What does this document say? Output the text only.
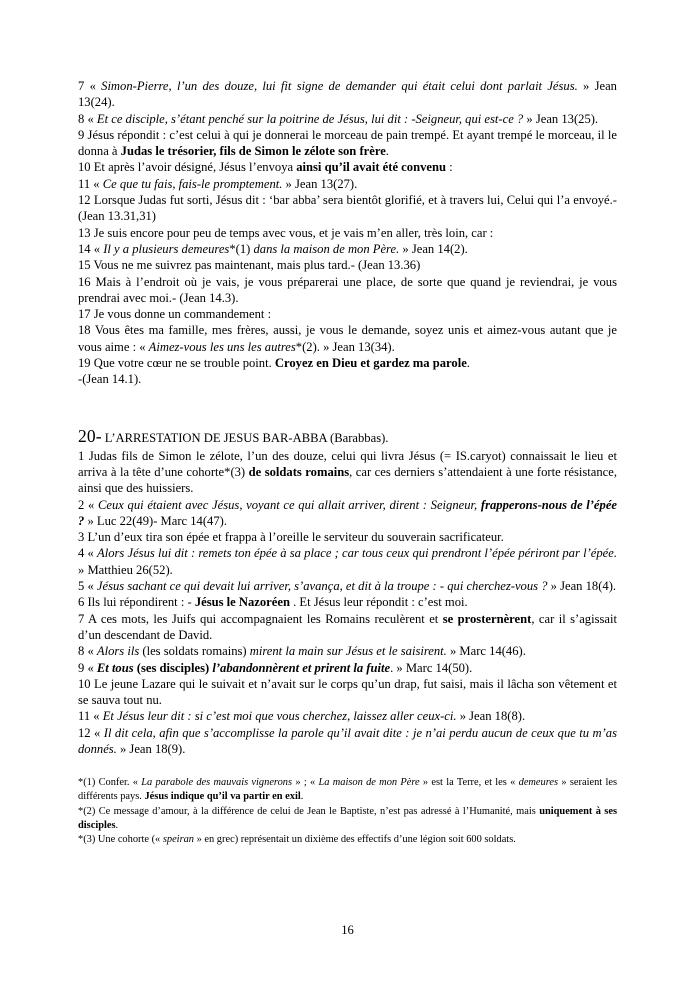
7 « Simon-Pierre, l’un des douze, lui fit signe de demander qui était celui dont parlait Jésus. » Jean 13(24).

8 « Et ce disciple, s’étant penché sur la poitrine de Jésus, lui dit : -Seigneur, qui est-ce ? » Jean 13(25).

9 Jésus répondit : c’est celui à qui je donnerai le morceau de pain trempé. Et ayant trempé le morceau, il le donna à Judas le trésorier, fils de Simon le zélote son frère.

10 Et après l’avoir désigné, Jésus l’envoya ainsi qu’il avait été convenu :

11 « Ce que tu fais, fais-le promptement. » Jean 13(27).

12 Lorsque Judas fut sorti, Jésus dit : ‘bar abba’ sera bientôt glorifié, et à travers lui, Celui qui l’a envoyé.- (Jean 13.31,31)

13 Je suis encore pour peu de temps avec vous, et je vais m’en aller, très loin, car :

14 « Il y a plusieurs demeures*(1) dans la maison de mon Père. » Jean 14(2).

15 Vous ne me suivrez pas maintenant, mais plus tard.- (Jean 13.36)

16 Mais à l’endroit où je vais, je vous préparerai une place, de sorte que quand je reviendrai, je vous prendrai avec moi.- (Jean 14.3).

17 Je vous donne un commandement :

18 Vous êtes ma famille, mes frères, aussi, je vous le demande, soyez unis et aimez-vous autant que je vous aime : « Aimez-vous les uns les autres*(2). » Jean 13(34).

19 Que votre cœur ne se trouble point. Croyez en Dieu et gardez ma parole.

-(Jean 14.1).

20- L’ARRESTATION DE JESUS BAR-ABBA (Barabbas).

1 Judas fils de Simon le zélote, l’un des douze, celui qui livra Jésus (= IS.caryot) connaissait le lieu et arriva à la tête d’une cohorte*(3) de soldats romains, car ces derniers s’attendaient à une forte résistance, ainsi que des huissiers.

2 « Ceux qui étaient avec Jésus, voyant ce qui allait arriver, dirent : Seigneur, frapperons-nous de l’épée ? » Luc 22(49)- Marc 14(47).

3 L’un d’eux tira son épée et frappa à l’oreille le serviteur du souverain sacrificateur.

4 « Alors Jésus lui dit : remets ton épée à sa place ; car tous ceux qui prendront l’épée périront par l’épée. » Matthieu 26(52).

5 « Jésus sachant ce qui devait lui arriver, s’avança, et dit à la troupe : - qui cherchez-vous ? » Jean 18(4).

6 Ils lui répondirent : - Jésus le Nazoréen . Et Jésus leur répondit : c’est moi.

7 A ces mots, les Juifs qui accompagnaient les Romains reculèrent et se prosternèrent, car il s’agissait d’un descendant de David.

8 « Alors ils (les soldats romains) mirent la main sur Jésus et le saisirent. » Marc 14(46).

9 « Et tous (ses disciples) l’abandonnèrent et prirent la fuite. » Marc 14(50).

10 Le jeune Lazare qui le suivait et n’avait sur le corps qu’un drap, fut saisi, mais il lâcha son vêtement et se sauva tout nu.

11 « Et Jésus leur dit : si c’est moi que vous cherchez, laissez aller ceux-ci. » Jean 18(8).

12 « Il dit cela, afin que s’accomplisse la parole qu’il avait dite : je n’ai perdu aucun de ceux que tu m’as donnés. » Jean 18(9).

*(1) Confer. « La parabole des mauvais vignerons » ; « La maison de mon Père » est la Terre, et les « demeures » seraient les différents pays. Jésus indique qu’il va partir en exil.

*(2) Ce message d’amour, à la différence de celui de Jean le Baptiste, n’est pas adressé à l’Humanité, mais uniquement à ses disciples.

*(3) Une cohorte (« speiran » en grec) représentait un dixième des effectifs d’une légion soit 600 soldats.

16
